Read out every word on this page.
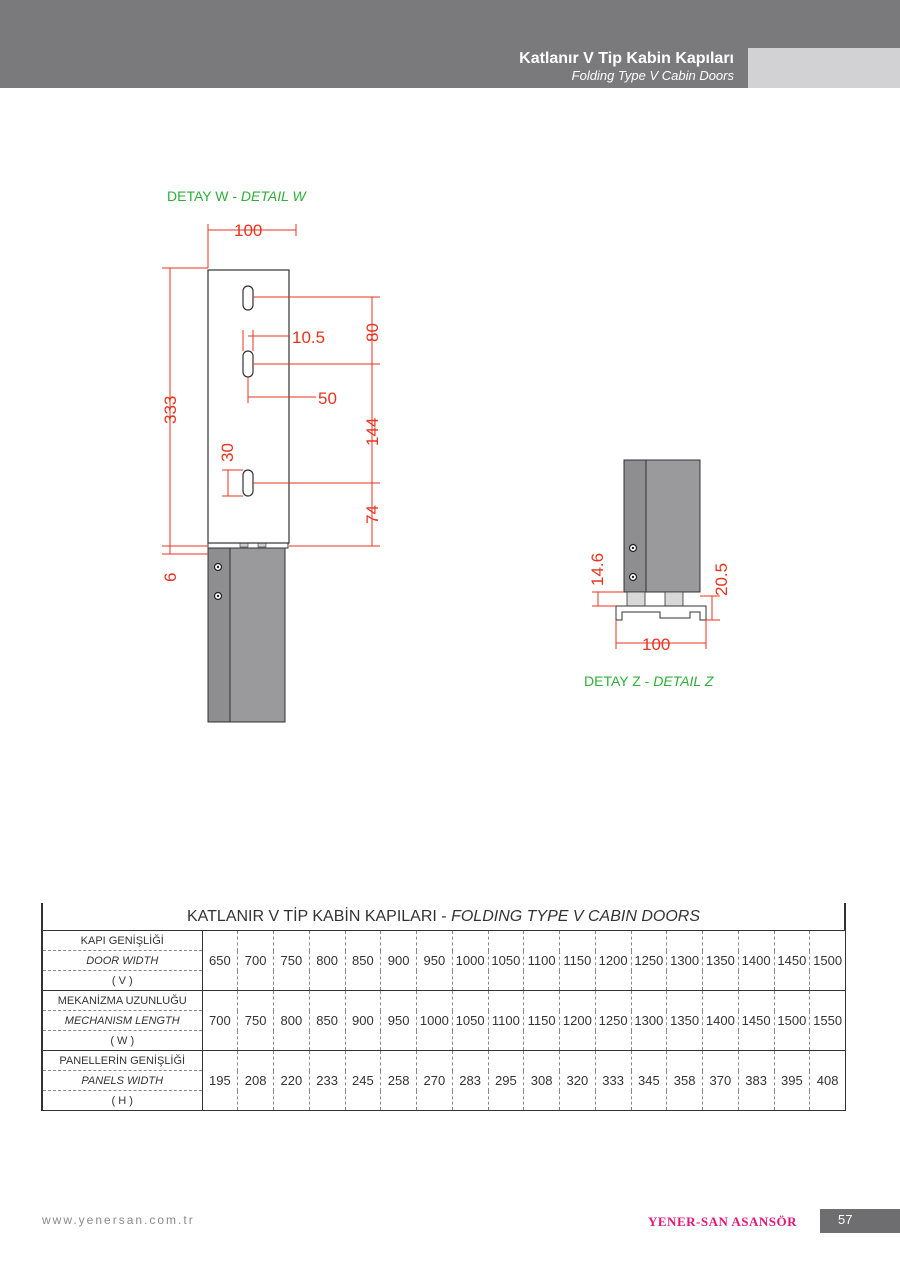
Katlanır V Tip Kabin Kapıları
Folding Type V Cabin Doors
100
333
10.5 80
50
144
30
74
6
DETAY W - DETAIL W
14.6	20.5
100
DETAY Z - DETAIL Z
KATLANIR V TİP KABİN KAPILARI - FOLDING TYPE V CABIN DOORS
KAPI GENİŞLİĞİ	650	700	750	800	850	900	950	1000	1050	1100	1150	1200	1250	1300	1350	1400	1450	1500
DOOR WIDTH																		
( V )																		
MEKANİZMA UZUNLUĞU	700	750	800	850	900	950	1000	1050	1100	1150	1200	1250	1300	1350	1400	1450	1500	1550
MECHANISM LENGTH																		
( W )																		
PANELLERİN GENİŞLİĞİ	195	208	220	233	245	258	270	283	295	308	320	333	345	358	370	383	395	408
PANELS WIDTH																		
( H )																		
www.yenersan.com.tr	YENER-SAN ASANSÖR	57
